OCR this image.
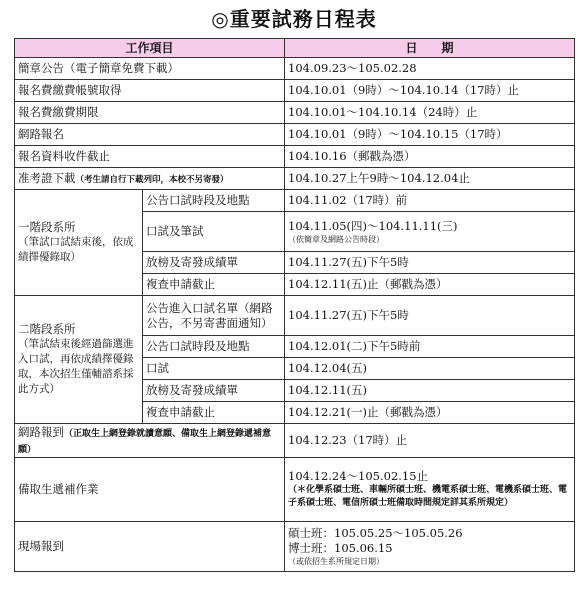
◎重要試務日程表
工作項目		日　　期
簡章公告（電子簡章免費下載）		104.09.23～105.02.28
報名費繳費帳號取得		104.10.01（9時）～104.10.14（17時）止
報名費繳費期限		104.10.01～104.10.14（24時）止
網路報名		104.10.01（9時）～104.10.15（17時）
報名資料收件截止		104.10.16（郵戳為憑）
准考證下載（考生請自行下載列印，本校不另寄發）		104.10.27上午9時～104.12.04止

一階段系所
（筆試口試結束後，依成績擇優錄取）	公告口試時段及地點	104.11.02（17時）前
	口試及筆試	104.11.05(四)～104.11.11(三)
（依簡章及網路公告時段）

	放榜及寄發成績單	104.11.27(五)下午5時
	複查申請截止	104.12.11(五)止（郵戳為憑）

二階段系所
（筆試結束後經過篩選進入口試，再依成績擇優錄取，本次招生僅輔諮系採此方式）	公告進入口試名單（網路公告，不另寄書面通知）	104.11.27(五)下午5時
	公告口試時段及地點	104.12.01(二)下午5時前
	口試	104.12.04(五)
	放榜及寄發成績單	104.12.11(五)
	複查申請截止	104.12.21(一)止（郵戳為憑）
網路報到（正取生上網登錄就讀意願、備取生上網登錄遞補意願）		104.12.23（17時）止
備取生遞補作業		104.12.24～105.02.15止
（＊化學系碩士班、車輛所碩士班、機電系碩士班、電機系碩士班、電子系碩士班、電信所碩士班備取時間規定詳其系所規定）

現場報到		碩士班：105.05.25～105.05.26
博士班：105.06.15
（或依招生系所規定日期）
